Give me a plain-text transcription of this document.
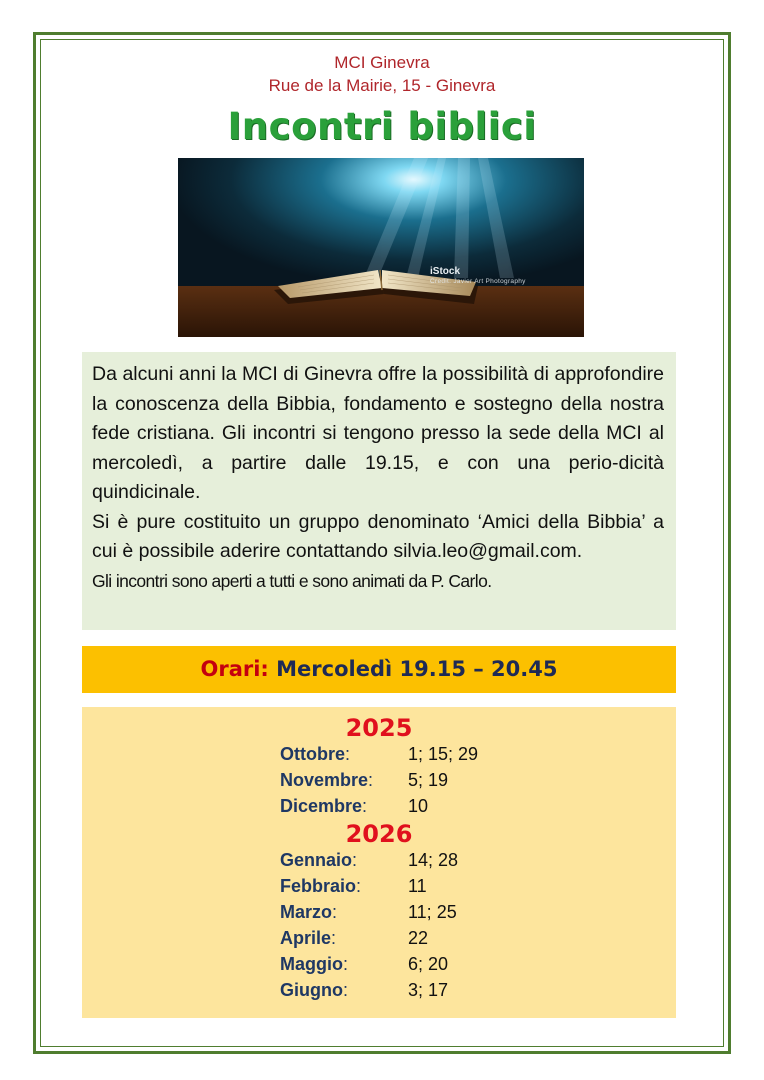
MCI Ginevra
Rue de la Mairie, 15 - Ginevra
Incontri biblici
iStock
Credit: Javier Art Photography

Da alcuni anni la MCI di Ginevra offre la possibilità di approfondire la conoscenza della Bibbia, fondamento e sostegno della nostra fede cristiana. Gli incontri si tengono presso la sede della MCI al mercoledì, a partire dalle 19.15, e con una perio-dicità quindicinale.

Si è pure costituito un gruppo denominato ‘Amici della Bibbia’ a cui è possibile aderire contattando silvia.leo@gmail.com.

Gli incontri sono aperti a tutti e sono animati da P. Carlo.

Orari: Mercoledì 19.15 – 20.45
2025
Ottobre:	1; 15; 29
Novembre: 5; 19
Dicembre: 10
2026
Gennaio:	14; 28
Febbraio:	11
Marzo:	11; 25
Aprile:	22
Maggio:	6; 20
Giugno:	3; 17
